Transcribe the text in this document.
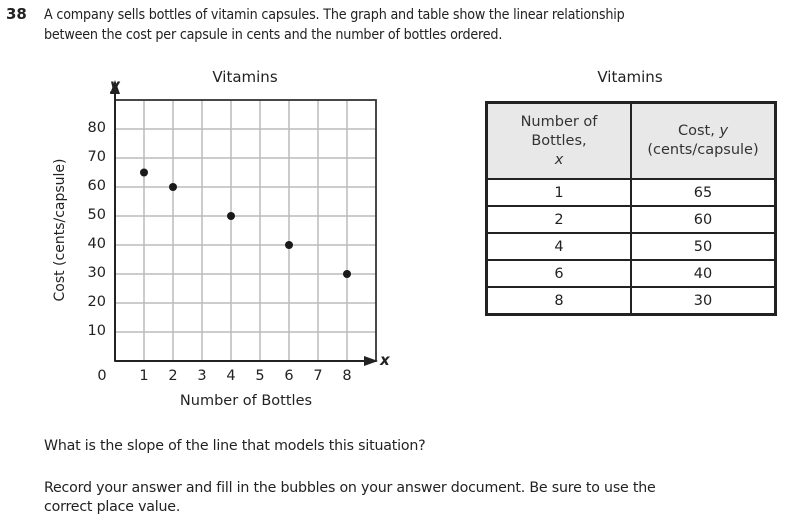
38 A company sells bottles of vitamin capsules. The graph and table show the linear relationship
between the cost per capsule in cents and the number of bottles ordered.
Vitamins
y
x
Cost (cents/capsule)
10
20
30
40
50
60
70
80
1	2	3	4	5	6	7	8
0
Number of Bottles
Vitamins
Number of
Bottles,
x	Cost, y
(cents/capsule)
1	65
2	60
4	50
6	40
8	30
What is the slope of the line that models this situation?
Record your answer and fill in the bubbles on your answer document. Be sure to use the
correct place value.
